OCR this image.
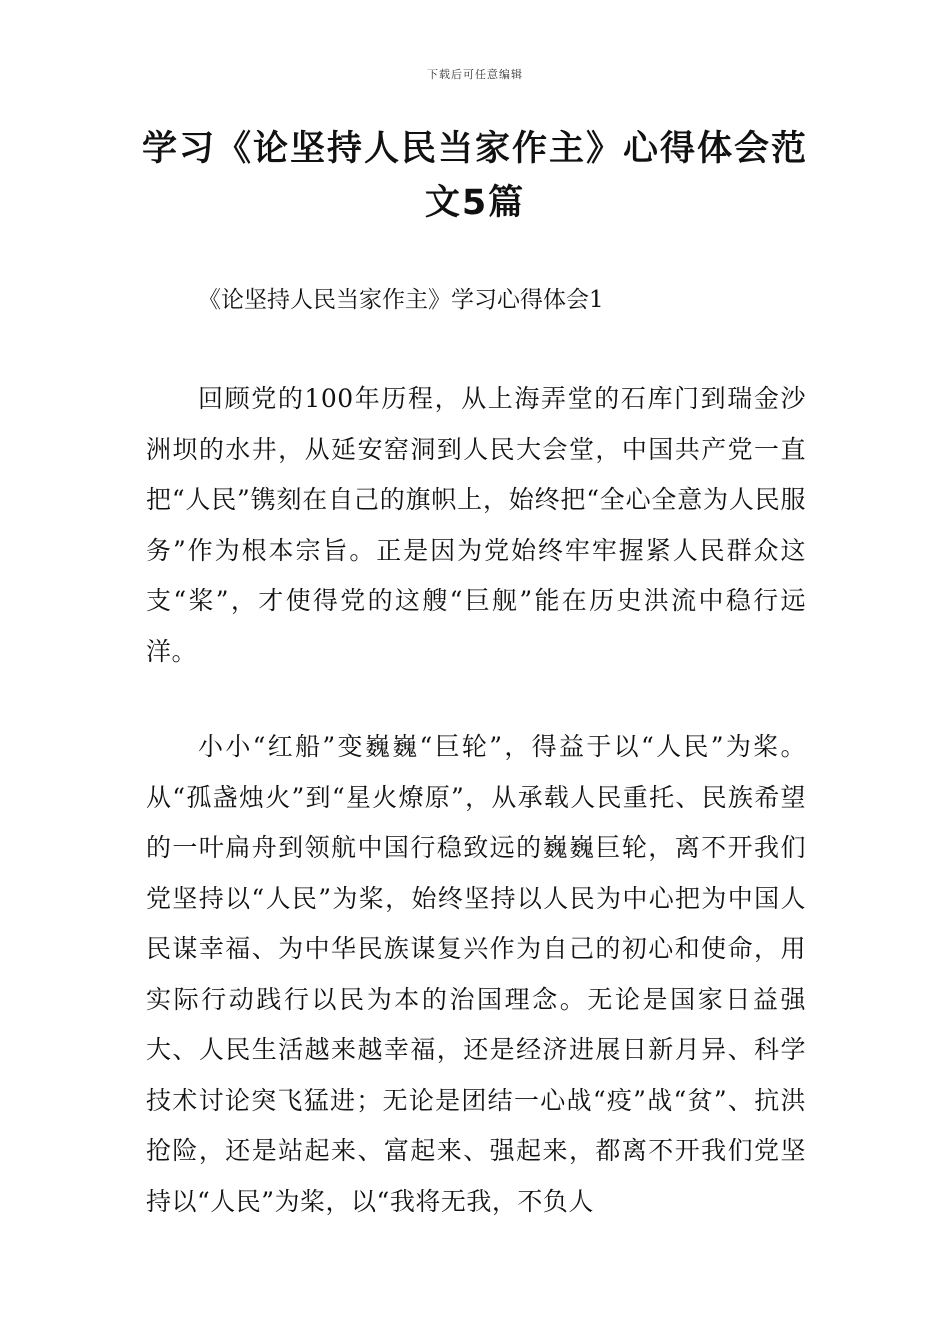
下载后可任意编辑
学习《论坚持人民当家作主》心得体会范文5篇
《论坚持人民当家作主》学习心得体会1

回顾党的100年历程，从上海弄堂的石库门到瑞金沙洲坝的水井，从延安窑洞到人民大会堂，中国共产党一直把“人民”镌刻在自己的旗帜上，始终把“全心全意为人民服务”作为根本宗旨。正是因为党始终牢牢握紧人民群众这支“桨”，才使得党的这艘“巨舰”能在历史洪流中稳行远洋。

小小“红船”变巍巍“巨轮”，得益于以“人民”为桨。从“孤盏烛火”到“星火燎原”，从承载人民重托、民族希望的一叶扁舟到领航中国行稳致远的巍巍巨轮，离不开我们党坚持以“人民”为桨，始终坚持以人民为中心把为中国人民谋幸福、为中华民族谋复兴作为自己的初心和使命，用实际行动践行以民为本的治国理念。无论是国家日益强大、人民生活越来越幸福，还是经济进展日新月异、科学技术讨论突飞猛进；无论是团结一心战“疫”战“贫”、抗洪抢险，还是站起来、富起来、强起来，都离不开我们党坚持以“人民”为桨，以“我将无我，不负人
